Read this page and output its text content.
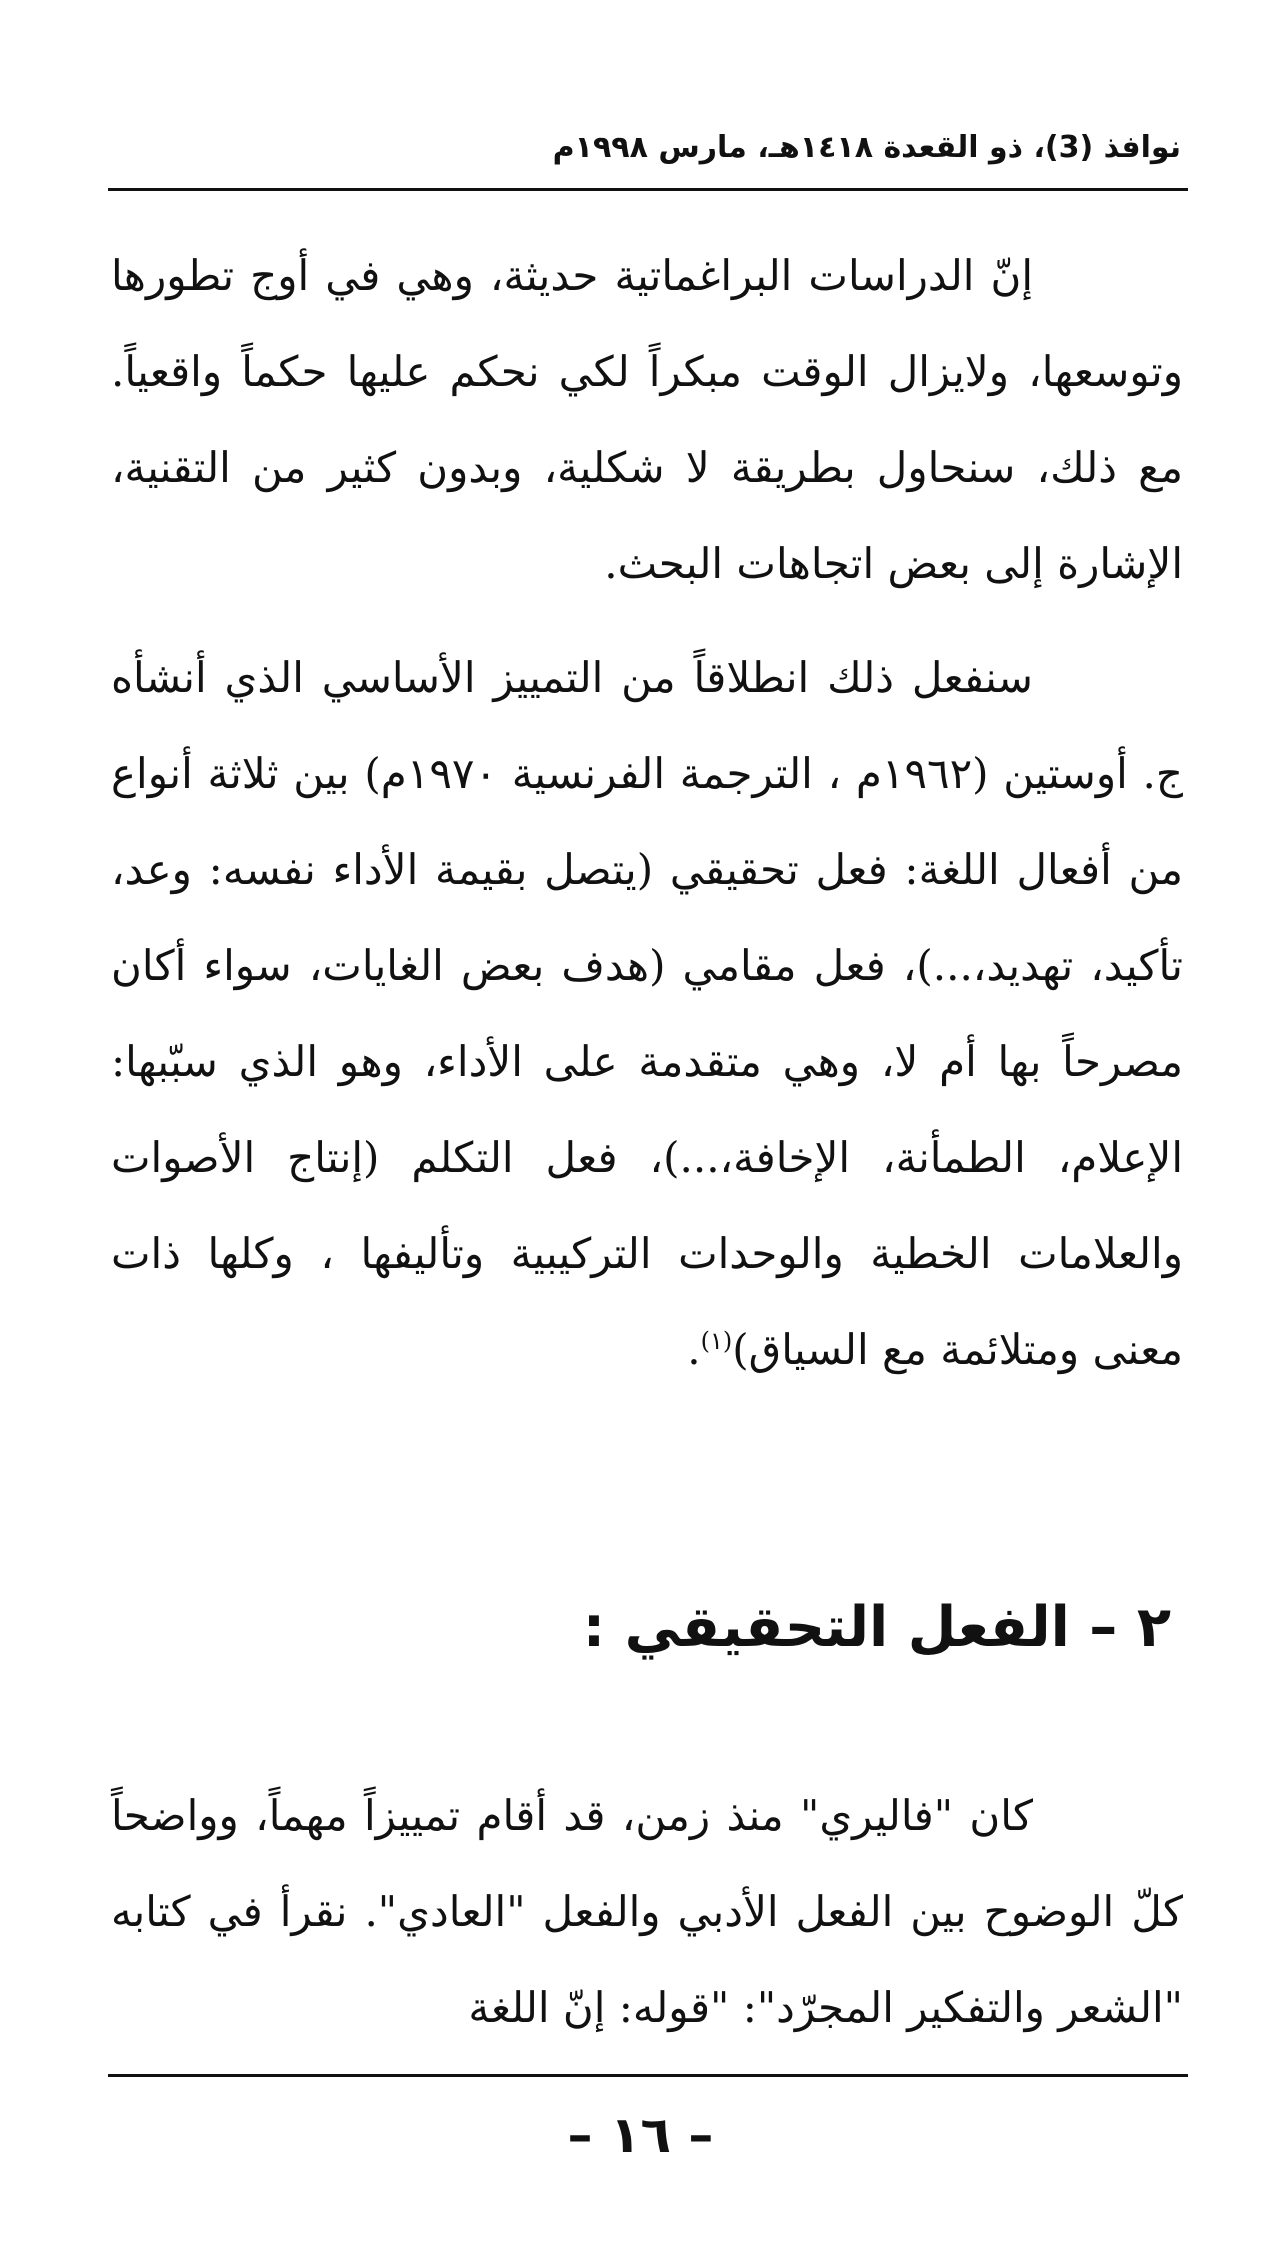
نوافذ (3)، ذو القعدة ١٤١٨هـ، مارس ١٩٩٨م

إنّ الدراسات البراغماتية حديثة، وهي في أوج تطورها وتوسعها، ولايزال الوقت مبكراً لكي نحكم عليها حكماً واقعياً. مع ذلك، سنحاول بطريقة لا شكلية، وبدون كثير من التقنية، الإشارة إلى بعض اتجاهات البحث.

سنفعل ذلك انطلاقاً من التمييز الأساسي الذي أنشأه ج. أوستين (١٩٦٢م ، الترجمة الفرنسية ١٩٧٠م) بين ثلاثة أنواع من أفعال اللغة: فعل تحقيقي (يتصل بقيمة الأداء نفسه: وعد، تأكيد، تهديد،...)، فعل مقامي (هدف بعض الغايات، سواء أكان مصرحاً بها أم لا، وهي متقدمة على الأداء، وهو الذي سبّبها: الإعلام، الطمأنة، الإخافة،...)، فعل التكلم (إنتاج الأصوات والعلامات الخطية والوحدات التركيبية وتأليفها ، وكلها ذات معنى ومتلائمة مع السياق)$^{(١)}$.

٢ – الفعل التحقيقي :

كان "فاليري" منذ زمن، قد أقام تمييزاً مهماً، وواضحاً كلّ الوضوح بين الفعل الأدبي والفعل "العادي". نقرأ في كتابه "الشعر والتفكير المجرّد": "قوله: إنّ اللغة

– ١٦ –
